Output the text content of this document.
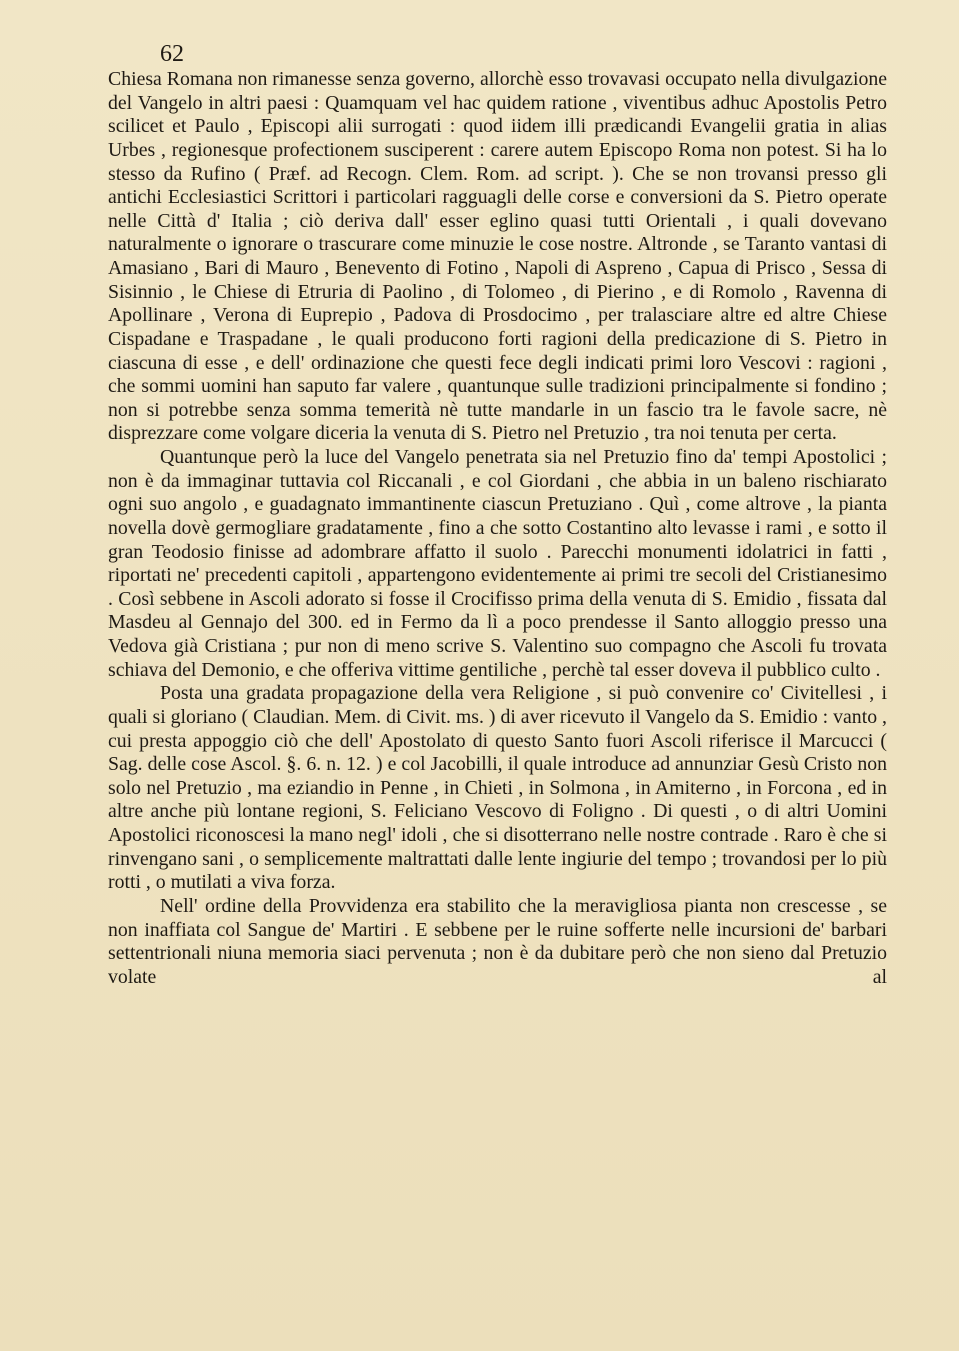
62

Chiesa Romana non rimanesse senza governo, allorchè esso trovavasi occupato nella divulgazione del Vangelo in altri paesi : Quamquam vel hac quidem ratione , viventibus adhuc Apostolis Petro scilicet et Paulo , Episcopi alii surrogati : quod iidem illi prædicandi Evangelii gratia in alias Urbes , regionesque profectionem susciperent : carere autem Episcopo Roma non potest. Si ha lo stesso da Rufino ( Præf. ad Recogn. Clem. Rom. ad script. ). Che se non trovansi presso gli antichi Ecclesiastici Scrittori i particolari ragguagli delle corse e conversioni da S. Pietro operate nelle Città d' Italia ; ciò deriva dall' esser eglino quasi tutti Orientali , i quali dovevano naturalmente o ignorare o trascurare come minuzie le cose nostre. Altronde , se Taranto vantasi di Amasiano , Bari di Mauro , Benevento di Fotino , Napoli di Aspreno , Capua di Prisco , Sessa di Sisinnio , le Chiese di Etruria di Paolino , di Tolomeo , di Pierino , e di Romolo , Ravenna di Apollinare , Verona di Euprepio , Padova di Prosdocimo , per tralasciare altre ed altre Chiese Cispadane e Traspadane , le quali producono forti ragioni della predicazione di S. Pietro in ciascuna di esse , e dell' ordinazione che questi fece degli indicati primi loro Vescovi : ragioni , che sommi uomini han saputo far valere , quantunque sulle tradizioni principalmente si fondino ; non si potrebbe senza somma temerità nè tutte mandarle in un fascio tra le favole sacre, nè disprezzare come volgare diceria la venuta di S. Pietro nel Pretuzio , tra noi tenuta per certa.

Quantunque però la luce del Vangelo penetrata sia nel Pretuzio fino da' tempi Apostolici ; non è da immaginar tuttavia col Riccanali , e col Giordani , che abbia in un baleno rischiarato ogni suo angolo , e guadagnato immantinente ciascun Pretuziano . Quì , come altrove , la pianta novella dovè germogliare gradatamente , fino a che sotto Costantino alto levasse i rami , e sotto il gran Teodosio finisse ad adombrare affatto il suolo . Parecchi monumenti idolatrici in fatti , riportati ne' precedenti capitoli , appartengono evidentemente ai primi tre secoli del Cristianesimo . Così sebbene in Ascoli adorato si fosse il Crocifisso prima della venuta di S. Emidio , fissata dal Masdeu al Gennajo del 300. ed in Fermo da lì a poco prendesse il Santo alloggio presso una Vedova già Cristiana ; pur non di meno scrive S. Valentino suo compagno che Ascoli fu trovata schiava del Demonio, e che offeriva vittime gentiliche , perchè tal esser doveva il pubblico culto .

Posta una gradata propagazione della vera Religione , si può convenire co' Civitellesi , i quali si gloriano ( Claudian. Mem. di Civit. ms. ) di aver ricevuto il Vangelo da S. Emidio : vanto , cui presta appoggio ciò che dell' Apostolato di questo Santo fuori Ascoli riferisce il Marcucci ( Sag. delle cose Ascol. §. 6. n. 12. ) e col Jacobilli, il quale introduce ad annunziar Gesù Cristo non solo nel Pretuzio , ma eziandio in Penne , in Chieti , in Solmona , in Amiterno , in Forcona , ed in altre anche più lontane regioni, S. Feliciano Vescovo di Foligno . Di questi , o di altri Uomini Apostolici riconoscesi la mano negl' idoli , che si disotterrano nelle nostre contrade . Raro è che si rinvengano sani , o semplicemente maltrattati dalle lente ingiurie del tempo ; trovandosi per lo più rotti , o mutilati a viva forza.

Nell' ordine della Provvidenza era stabilito che la meravigliosa pianta non crescesse , se non inaffiata col Sangue de' Martiri . E sebbene per le ruine sofferte nelle incursioni de' barbari settentrionali niuna memoria siaci pervenuta ; non è da dubitare però che non sieno dal Pretuzio volate al
